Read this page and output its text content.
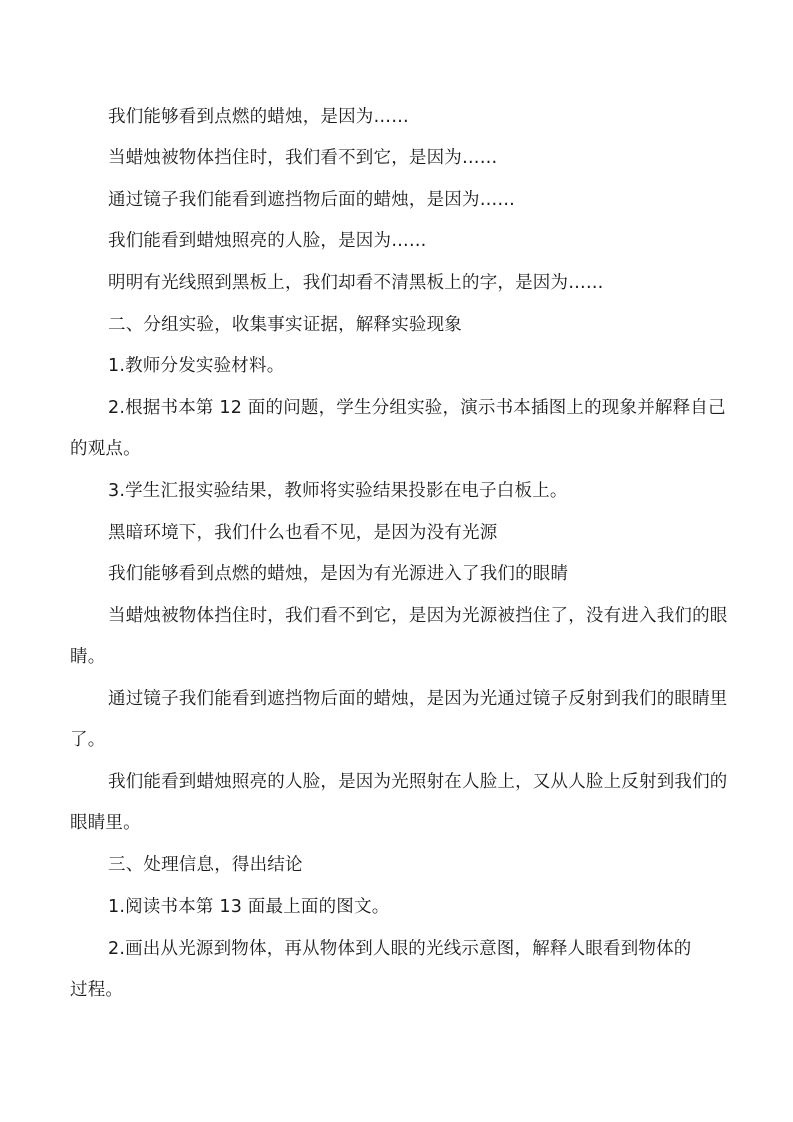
我们能够看到点燃的蜡烛，是因为……

当蜡烛被物体挡住时，我们看不到它，是因为……

通过镜子我们能看到遮挡物后面的蜡烛，是因为……

我们能看到蜡烛照亮的人脸，是因为……

明明有光线照到黑板上，我们却看不清黑板上的字，是因为……

二、分组实验，收集事实证据，解释实验现象

1.教师分发实验材料。

2.根据书本第 12 面的问题，学生分组实验，演示书本插图上的现象并解释自己的观点。

3.学生汇报实验结果，教师将实验结果投影在电子白板上。

黑暗环境下，我们什么也看不见，是因为没有光源

我们能够看到点燃的蜡烛，是因为有光源进入了我们的眼睛

当蜡烛被物体挡住时，我们看不到它，是因为光源被挡住了，没有进入我们的眼睛。

通过镜子我们能看到遮挡物后面的蜡烛，是因为光通过镜子反射到我们的眼睛里了。

我们能看到蜡烛照亮的人脸，是因为光照射在人脸上，又从人脸上反射到我们的眼睛里。

三、处理信息，得出结论

1.阅读书本第 13 面最上面的图文。

2.画出从光源到物体，再从物体到人眼的光线示意图，解释人眼看到物体的过程。
